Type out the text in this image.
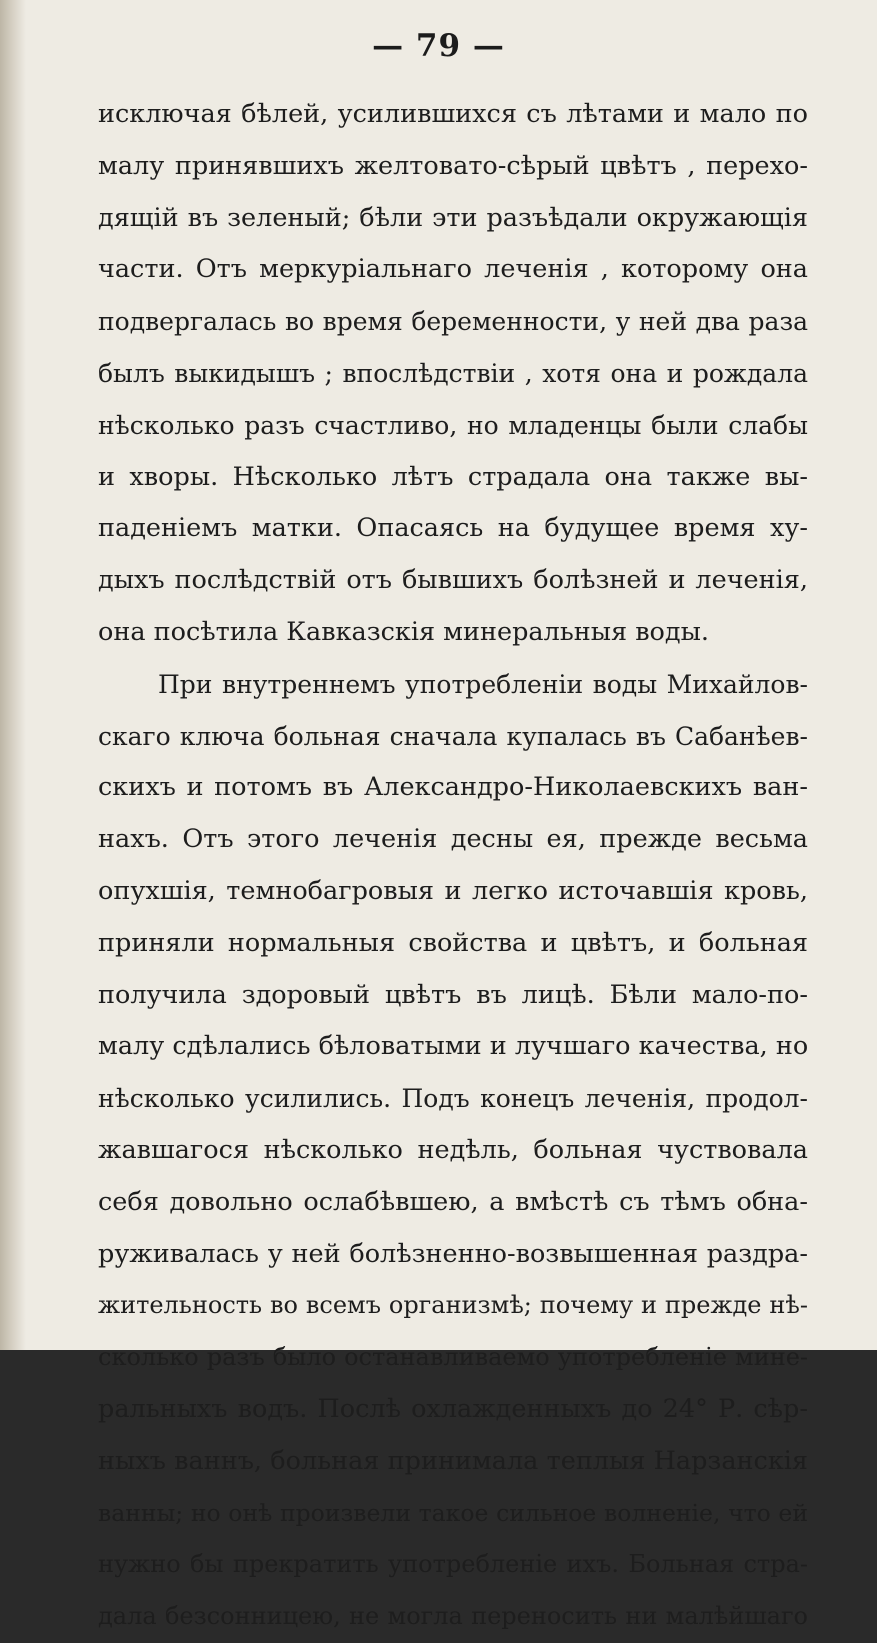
— 79 —
исключая бѣлей, усилившихся съ лѣтами и мало по
малу принявшихъ желтовато-сѣрый цвѣтъ , перехо-
дящій въ зеленый; бѣли эти разъѣдали окружающія
части. Отъ меркуріальнаго леченія , которому она
подвергалась во время беременности, у ней два раза
былъ выкидышъ ; впослѣдствіи , хотя она и рождала
нѣсколько разъ счастливо, но младенцы были слабы
и хворы. Нѣсколько лѣтъ страдала она также вы-
паденіемъ матки. Опасаясь на будущее время ху-
дыхъ послѣдствій отъ бывшихъ болѣзней и леченія,
она посѣтила Кавказскія минеральныя воды.
При внутреннемъ употребленіи воды Михайлов-
скаго ключа больная сначала купалась въ Сабанѣев-
скихъ и потомъ въ Александро-Николаевскихъ ван-
нахъ. Отъ этого леченія десны ея, прежде весьма
опухшія, темнобагровыя и легко источавшія кровь,
приняли нормальныя свойства и цвѣтъ, и больная
получила здоровый цвѣтъ въ лицѣ. Бѣли мало-по-
малу сдѣлались бѣловатыми и лучшаго качества, но
нѣсколько усилились. Подъ конецъ леченія, продол-
жавшагося нѣсколько недѣль, больная чуствовала
себя довольно ослабѣвшею, а вмѣстѣ съ тѣмъ обна-
руживалась у ней болѣзненно-возвышенная раздра-
жительность во всемъ организмѣ; почему и прежде нѣ-
сколько разъ было останавливаемо употребленіе мине-
ральныхъ водъ. Послѣ охлажденныхъ до 24° Р. сѣр-
ныхъ ваннъ, больная принимала теплыя Нарзанскія
ванны; но онѣ произвели такое сильное волненіе, что ей
нужно бы прекратить употребленіе ихъ. Больная стра-
дала безсонницею, не могла переносить ни малѣйшаго
